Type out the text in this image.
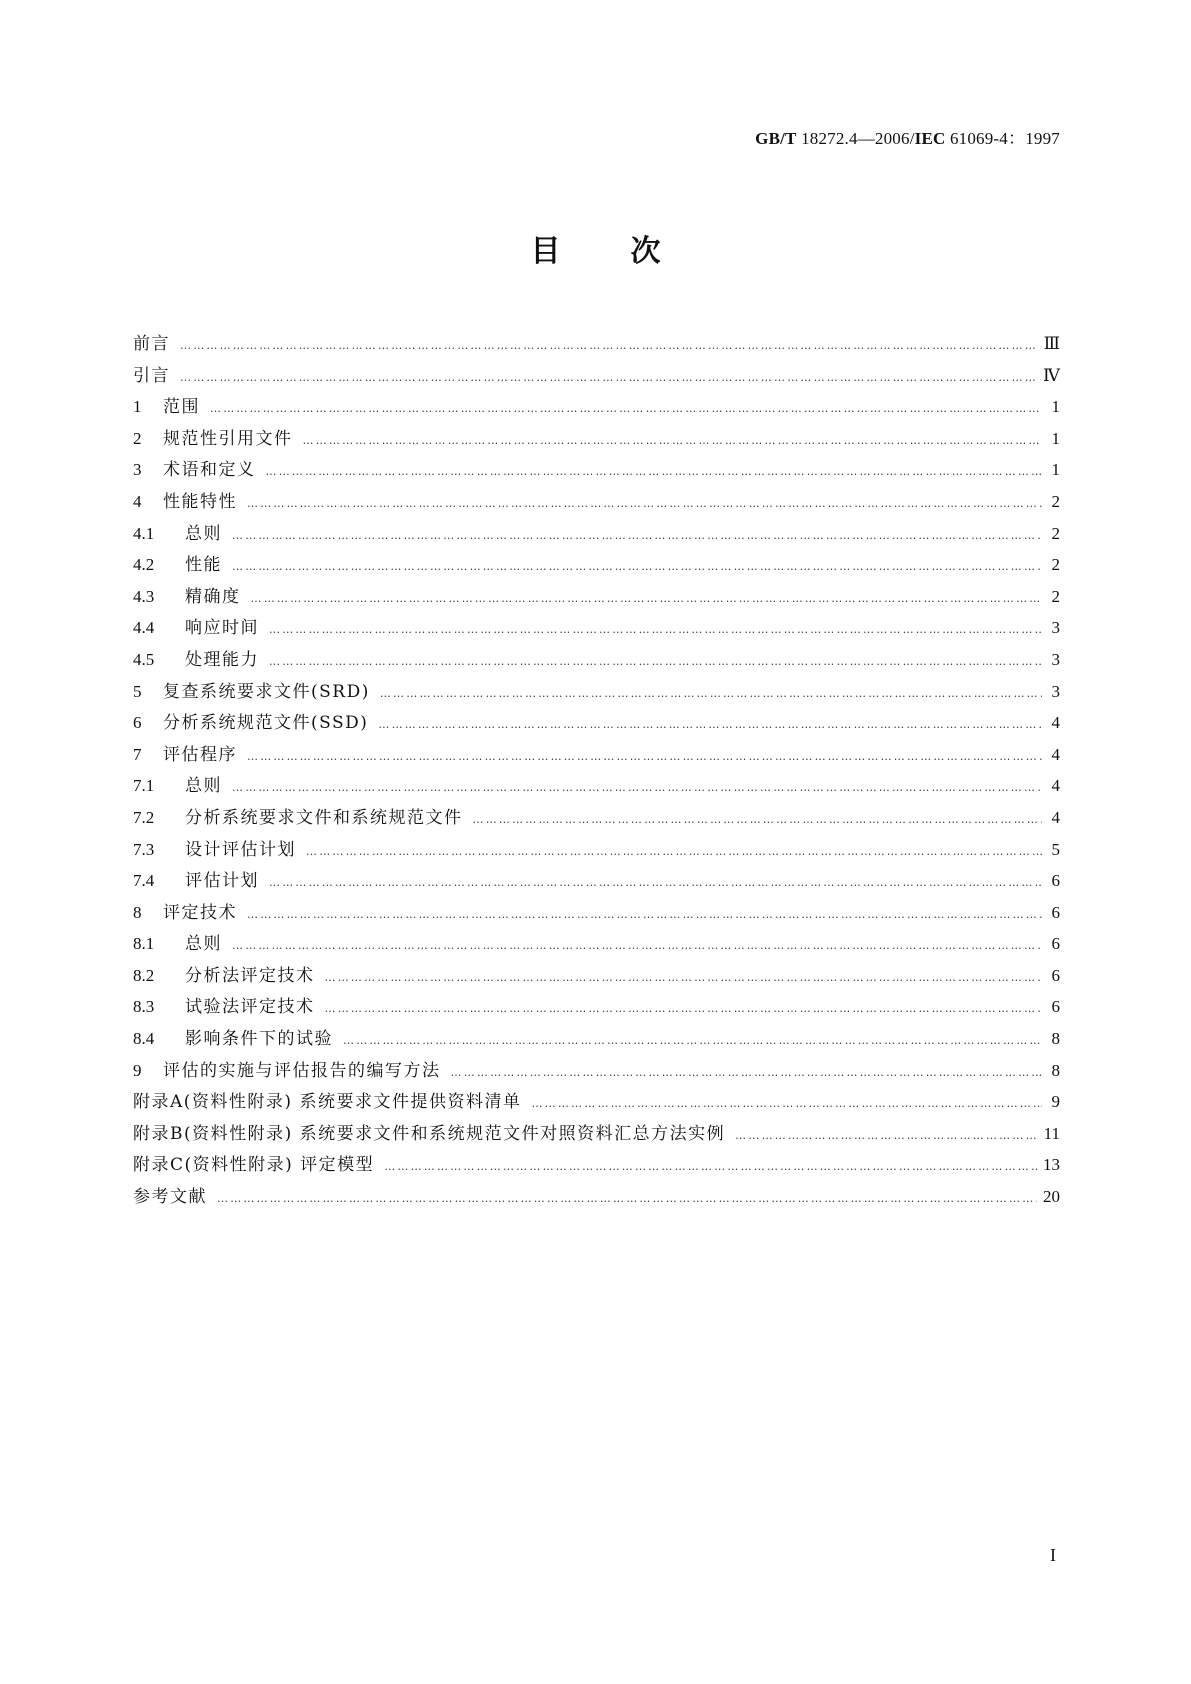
GB/T 18272.4—2006/IEC 61069-4：1997
目次
前言 ……………………………………………………………………………………………………………………………………………………………………………………………………………………………………………	Ⅲ
引言 ……………………………………………………………………………………………………………………………………………………………………………………………………………………………………………	Ⅳ
1	范围 ……………………………………………………………………………………………………………………………………………………………………………………………………………………………………………	1
2	规范性引用文件 ……………………………………………………………………………………………………………………………………………………………………………………………………………………………………………	1
3	术语和定义 ……………………………………………………………………………………………………………………………………………………………………………………………………………………………………………	1
4	性能特性 ……………………………………………………………………………………………………………………………………………………………………………………………………………………………………………	2
4.1	总则 ……………………………………………………………………………………………………………………………………………………………………………………………………………………………………………	2
4.2	性能 ……………………………………………………………………………………………………………………………………………………………………………………………………………………………………………	2
4.3	精确度 ……………………………………………………………………………………………………………………………………………………………………………………………………………………………………………	2
4.4	响应时间 ……………………………………………………………………………………………………………………………………………………………………………………………………………………………………………	3
4.5	处理能力 ……………………………………………………………………………………………………………………………………………………………………………………………………………………………………………	3
5	复查系统要求文件(SRD) ……………………………………………………………………………………………………………………………………………………………………………………………………………………………………………	3
6	分析系统规范文件(SSD) ……………………………………………………………………………………………………………………………………………………………………………………………………………………………………………	4
7	评估程序 ……………………………………………………………………………………………………………………………………………………………………………………………………………………………………………	4
7.1	总则 ……………………………………………………………………………………………………………………………………………………………………………………………………………………………………………	4
7.2	分析系统要求文件和系统规范文件 ……………………………………………………………………………………………………………………………………………………………………………………………………………………………………………	4
7.3	设计评估计划 ……………………………………………………………………………………………………………………………………………………………………………………………………………………………………………	5
7.4	评估计划 ……………………………………………………………………………………………………………………………………………………………………………………………………………………………………………	6
8	评定技术 ……………………………………………………………………………………………………………………………………………………………………………………………………………………………………………	6
8.1	总则 ……………………………………………………………………………………………………………………………………………………………………………………………………………………………………………	6
8.2	分析法评定技术 ……………………………………………………………………………………………………………………………………………………………………………………………………………………………………………	6
8.3	试验法评定技术 ……………………………………………………………………………………………………………………………………………………………………………………………………………………………………………	6
8.4	影响条件下的试验 ……………………………………………………………………………………………………………………………………………………………………………………………………………………………………………	8
9	评估的实施与评估报告的编写方法 ……………………………………………………………………………………………………………………………………………………………………………………………………………………………………………	8
附录A(资料性附录) 系统要求文件提供资料清单 ……………………………………………………………………………………………………………………………………………………………………………………………………………………………………………	9
附录B(资料性附录) 系统要求文件和系统规范文件对照资料汇总方法实例 ……………………………………………………………………………………………………………………………………………………………………………………………………………………………………………	11
附录C(资料性附录) 评定模型 ……………………………………………………………………………………………………………………………………………………………………………………………………………………………………………	13
参考文献 ……………………………………………………………………………………………………………………………………………………………………………………………………………………………………………	20
I
